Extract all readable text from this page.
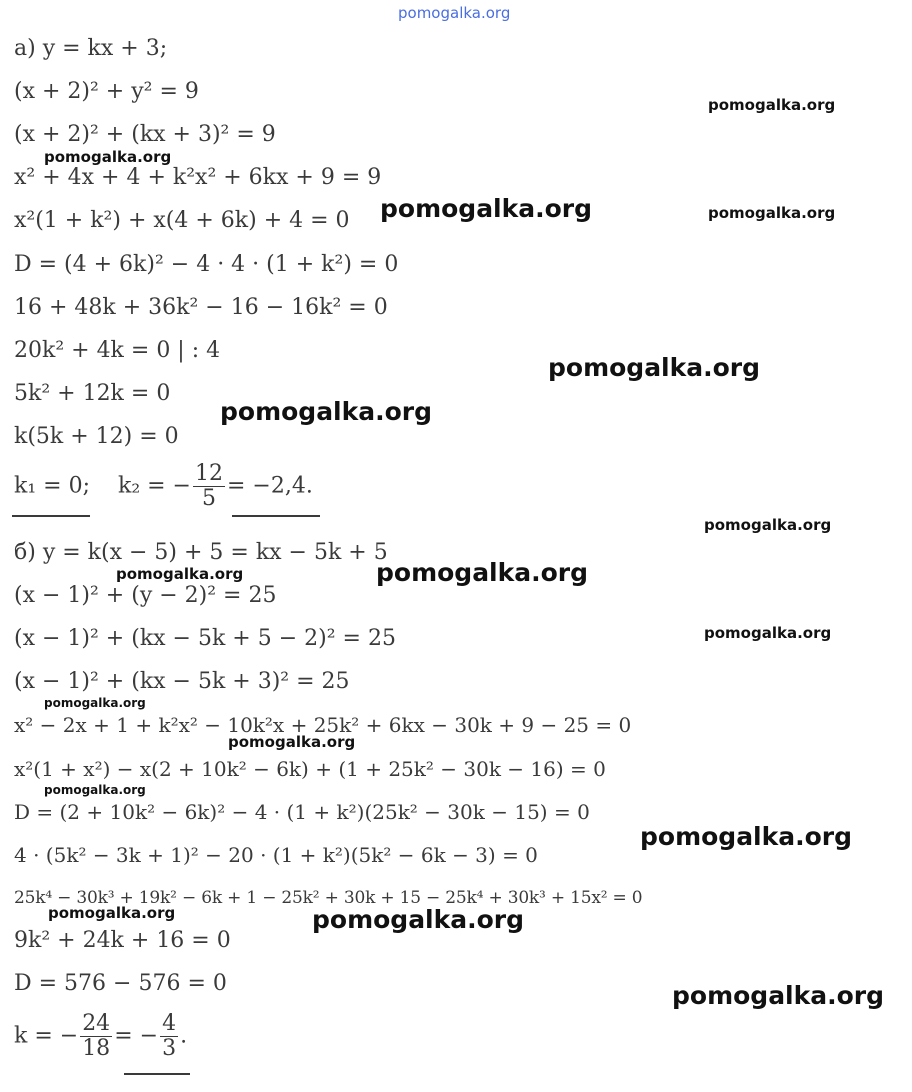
pomogalka.org
а) y = kx + 3;
(x + 2)² + y² = 9
(x + 2)² + (kx + 3)² = 9
x² + 4x + 4 + k²x² + 6kx + 9 = 9
x²(1 + k²) + x(4 + 6k) + 4 = 0
D = (4 + 6k)² − 4 · 4 · (1 + k²) = 0
16 + 48k + 36k² − 16 − 16k² = 0
20k² + 4k = 0 | : 4
5k² + 12k = 0
k(5k + 12) = 0
k₁ = 0; k₂ = − $\frac{12}{5} = -2,4$.
б) y = k(x − 5) + 5 = kx − 5k + 5
(x − 1)² + (y − 2)² = 25
(x − 1)² + (kx − 5k + 5 − 2)² = 25
(x − 1)² + (kx − 5k + 3)² = 25
x² − 2x + 1 + k²x² − 10k²x + 25k² + 6kx − 30k + 9 − 25 = 0
x²(1 + x²) − x(2 + 10k² − 6k) + (1 + 25k² − 30k − 16) = 0
D = (2 + 10k² − 6k)² − 4 · (1 + k²)(25k² − 30k − 15) = 0
4 · (5k² − 3k + 1)² − 20 · (1 + k²)(5k² − 6k − 3) = 0
25k⁴ − 30k³ + 19k² − 6k + 1 − 25k² + 30k + 15 − 25k⁴ + 30k³ + 15x² = 0
9k² + 24k + 16 = 0
D = 576 − 576 = 0
k = − $\frac{24}{18}$ = − $\frac{4}{3}$ .
pomogalka.org
pomogalka.org
pomogalka.org	pomogalka.org
pomogalka.org
pomogalka.org
pomogalka.org
pomogalka.org	pomogalka.org
pomogalka.org
pomogalka.org
pomogalka.org
pomogalka.org
pomogalka.org
pomogalka.org	pomogalka.org
pomogalka.org
